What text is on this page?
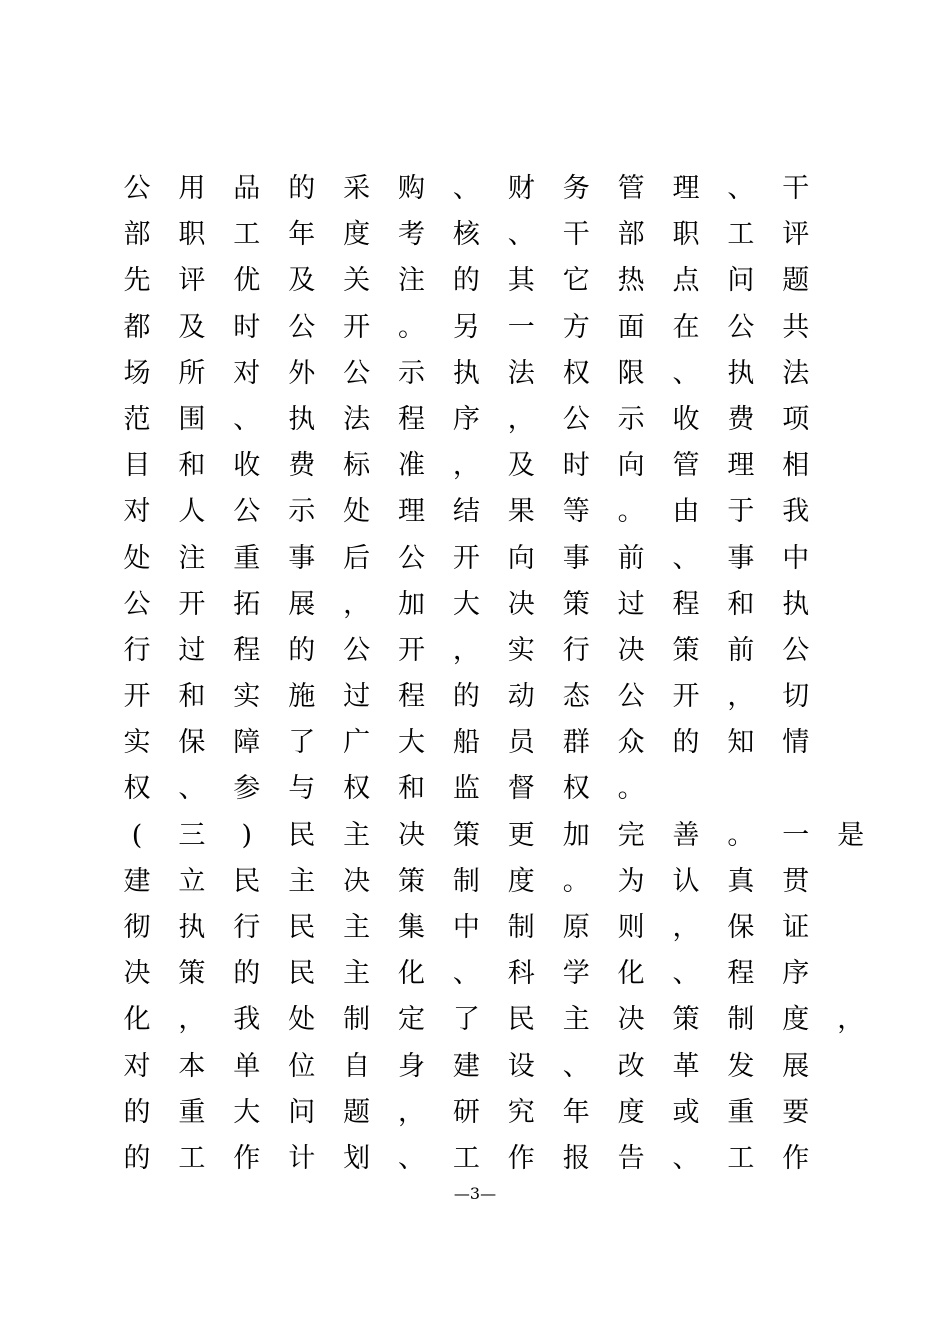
公 用 品 的 采 购 、 财 务 管 理 、 干
部 职 工 年 度 考 核 、 干 部 职 工 评
先 评 优 及 关 注 的 其 它 热 点 问 题
都 及 时 公 开 。 另 一 方 面 在 公 共
场 所 对 外 公 示 执 法 权 限 、 执 法
范 围 、 执 法 程 序 ， 公 示 收 费 项
目 和 收 费 标 准 ， 及 时 向 管 理 相
对 人 公 示 处 理 结 果 等 。 由 于 我
处 注 重 事 后 公 开 向 事 前 、 事 中
公 开 拓 展 ， 加 大 决 策 过 程 和 执
行 过 程 的 公 开 ， 实 行 决 策 前 公
开 和 实 施 过 程 的 动 态 公 开 ， 切
实 保 障 了 广 大 船 员 群 众 的 知 情
权 、 参 与 权 和 监 督 权 。
(	三	)	民 主 决 策 更 加 完 善 。 一 是
建 立 民 主 决 策 制 度 。 为 认 真 贯
彻 执 行 民 主 集 中 制 原 则 ， 保 证
决 策 的 民 主 化 、 科 学 化 、 程 序
化 ， 我 处 制 定 了 民 主 决 策 制 度 ，
对 本 单 位 自 身 建 设 、 改 革 发 展
的 重 大 问 题 ， 研 究 年 度 或 重 要
的 工 作 计 划 、 工 作 报 告 、 工 作
—3—
